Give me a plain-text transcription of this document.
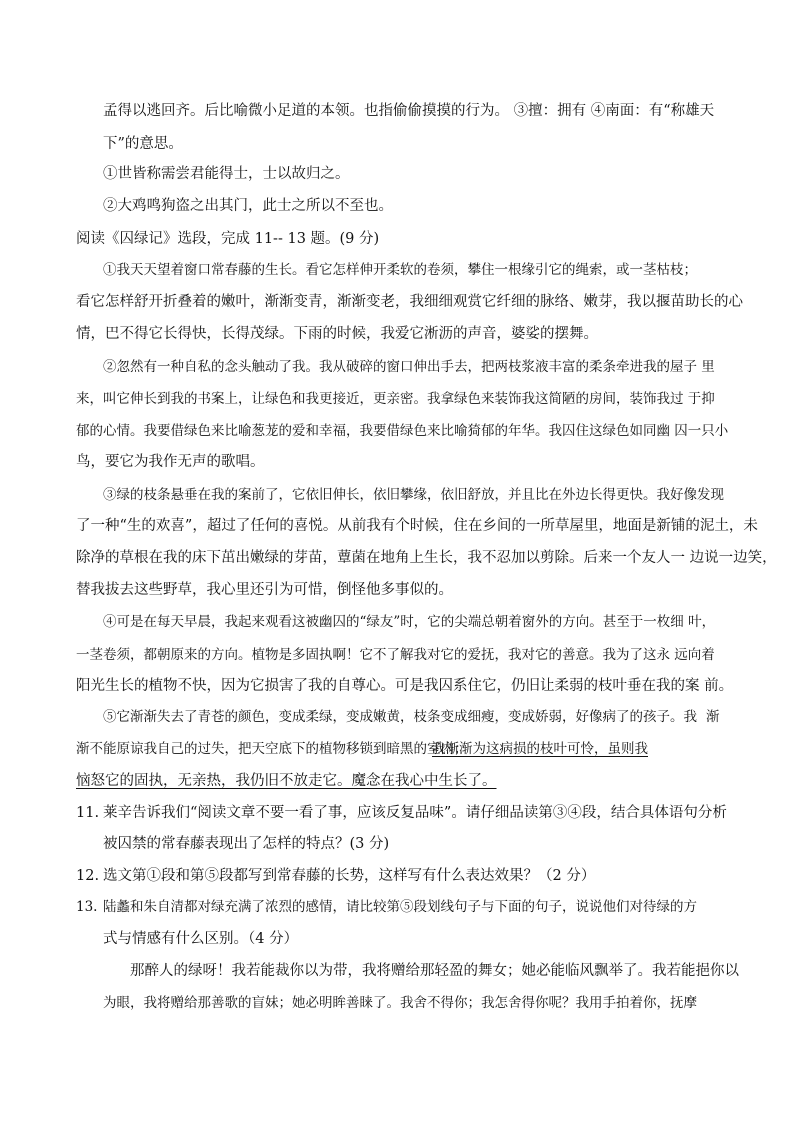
孟得以逃回齐。后比喻微小足道的本领。也指偷偷摸摸的行为。 ③擅：拥有 ④南面：有“称雄天
下”的意思。
①世皆称需尝君能得士，士以故归之。
②大鸡鸣狗盗之出其门，此士之所以不至也。
阅读《囚绿记》选段，完成 11-- 13 题。(9 分)
①我天天望着窗口常春藤的生长。看它怎样伸开柔软的卷须，攀住一根缘引它的绳索，或一茎枯枝；
看它怎样舒开折叠着的嫩叶，渐渐变青，渐渐变老，我细细观赏它纤细的脉络、嫩芽，我以揠苗助长的心
情，巴不得它长得快，长得茂绿。下雨的时候，我爱它淅沥的声音，婆娑的摆舞。
②忽然有一种自私的念头触动了我。我从破碎的窗口伸出手去，把两枝浆液丰富的柔条牵进我的屋子 里
来，叫它伸长到我的书案上，让绿色和我更接近，更亲密。我拿绿色来装饰我这简陋的房间，装饰我过 于抑
郁的心情。我要借绿色来比喻葱茏的爱和幸福，我要借绿色来比喻猗郁的年华。我囚住这绿色如同幽 囚一只小
鸟，要它为我作无声的歌唱。
③绿的枝条悬垂在我的案前了，它依旧伸长，依旧攀缘，依旧舒放，并且比在外边长得更快。我好像发现
了一种“生的欢喜”，超过了任何的喜悦。从前我有个时候，住在乡间的一所草屋里，地面是新铺的泥土，未
除净的草根在我的床下茁出嫩绿的芽苗，蕈菌在地角上生长，我不忍加以剪除。后来一个友人一 边说一边笑，
替我拔去这些野草，我心里还引为可惜，倒怪他多事似的。
④可是在每天早晨，我起来观看这被幽囚的“绿友”时，它的尖端总朝着窗外的方向。甚至于一枚细 叶，
一茎卷须，都朝原来的方向。植物是多固执啊！它不了解我对它的爱抚，我对它的善意。我为了这永 远向着
阳光生长的植物不快，因为它损害了我的自尊心。可是我囚系住它，仍旧让柔弱的枝叶垂在我的案 前。
⑤它渐渐失去了青苍的颜色，变成柔绿，变成嫩黄，枝条变成细瘦，变成娇弱，好像病了的孩子。我 渐
渐不能原谅我自己的过失，把天空底下的植物移锁到暗黑的室内；
我渐渐为这病损的枝叶可怜，虽则我
恼怒它的固执，无亲热，我仍旧不放走它。魔念在我心中生长了。
11. 莱辛告诉我们“阅读文章不要一看了事，应该反复品味”。请仔细品读第③④段，结合具体语句分析
被囚禁的常春藤表现出了怎样的特点？(3 分)
12. 选文第①段和第⑤段都写到常春藤的长势，这样写有什么表达效果？（2 分）
13. 陆蠡和朱自清都对绿充满了浓烈的感情，请比较第⑤段划线句子与下面的句子，说说他们对待绿的方
式与情感有什么区别。（4 分）
那醉人的绿呀！我若能裁你以为带，我将赠给那轻盈的舞女；她必能临风飘举了。我若能挹你以
为眼，我将赠给那善歌的盲妹；她必明眸善睐了。我舍不得你；我怎舍得你呢？我用手拍着你，抚摩
